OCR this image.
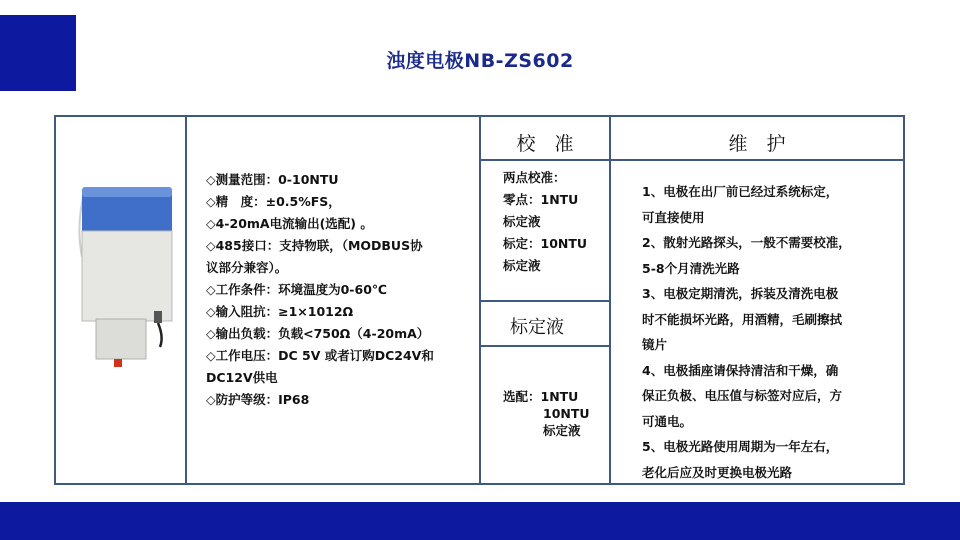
浊度电极NB-ZS602
◇测量范围：0-10NTU
◇精　度：±0.5%FS，
◇4-20mA电流输出(选配) 。
◇485接口：支持物联，（MODBUS协
议部分兼容）。
◇工作条件：环境温度为0-60℃
◇输入阻抗：≥1×1012Ω
◇输出负载：负载<750Ω（4-20mA）
◇工作电压：DC 5V 或者订购DC24V和
DC12V供电
◇防护等级：IP68
校　准
两点校准：
零点：1NTU
标定液
标定：10NTU
标定液
标定液
选配：1NTU
10NTU
标定液
维　护
1、电极在出厂前已经过系统标定，
可直接使用
2、散射光路探头，一般不需要校准，
5-8个月清洗光路
3、电极定期清洗，拆装及清洗电极
时不能损坏光路，用酒精，毛刷擦拭
镜片
4、电极插座请保持清洁和干燥，确
保正负极、电压值与标签对应后，方
可通电。
5、电极光路使用周期为一年左右，
老化后应及时更换电极光路
